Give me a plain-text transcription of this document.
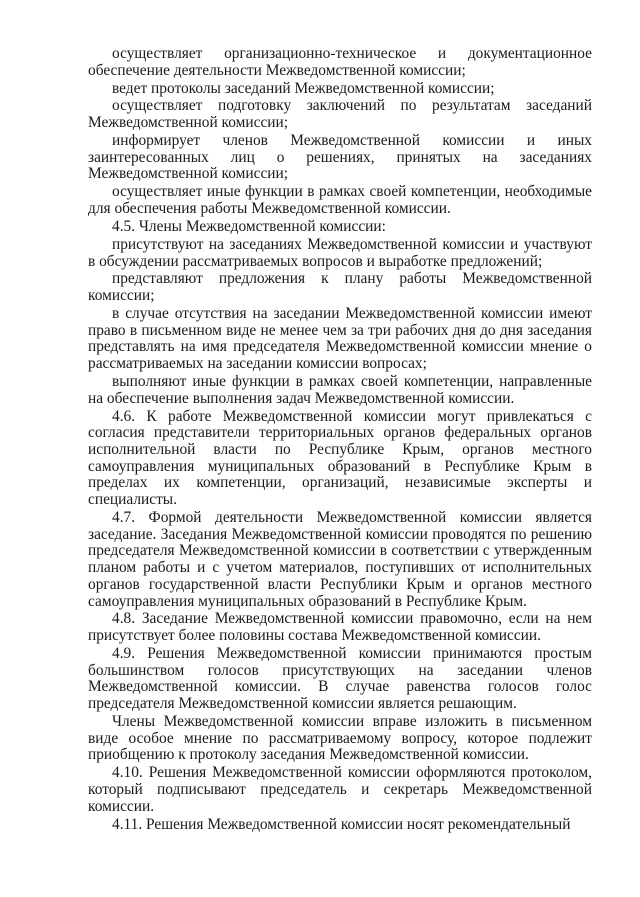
осуществляет организационно-техническое и документационное обеспечение деятельности Межведомственной комиссии;

ведет протоколы заседаний Межведомственной комиссии;

осуществляет подготовку заключений по результатам заседаний Межведомственной комиссии;

информирует членов Межведомственной комиссии и иных заинтересованных лиц о решениях, принятых на заседаниях Межведомственной комиссии;

осуществляет иные функции в рамках своей компетенции, необходимые для обеспечения работы Межведомственной комиссии.

4.5. Члены Межведомственной комиссии:

присутствуют на заседаниях Межведомственной комиссии и участвуют в обсуждении рассматриваемых вопросов и выработке предложений;

представляют предложения к плану работы Межведомственной комиссии;

в случае отсутствия на заседании Межведомственной комиссии имеют право в письменном виде не менее чем за три рабочих дня до дня заседания представлять на имя председателя Межведомственной комиссии мнение о рассматриваемых на заседании комиссии вопросах;

выполняют иные функции в рамках своей компетенции, направленные на обеспечение выполнения задач Межведомственной комиссии.

4.6. К работе Межведомственной комиссии могут привлекаться с согласия представители территориальных органов федеральных органов исполнительной власти по Республике Крым, органов местного самоуправления муниципальных образований в Республике Крым в пределах их компетенции, организаций, независимые эксперты и специалисты.

4.7. Формой деятельности Межведомственной комиссии является заседание. Заседания Межведомственной комиссии проводятся по решению председателя Межведомственной комиссии в соответствии с утвержденным планом работы и с учетом материалов, поступивших от исполнительных органов государственной власти Республики Крым и органов местного самоуправления муниципальных образований в Республике Крым.

4.8. Заседание Межведомственной комиссии правомочно, если на нем присутствует более половины состава Межведомственной комиссии.

4.9. Решения Межведомственной комиссии принимаются простым большинством голосов присутствующих на заседании членов Межведомственной комиссии. В случае равенства голосов голос председателя Межведомственной комиссии является решающим.

Члены Межведомственной комиссии вправе изложить в письменном виде особое мнение по рассматриваемому вопросу, которое подлежит приобщению к протоколу заседания Межведомственной комиссии.

4.10. Решения Межведомственной комиссии оформляются протоколом, который подписывают председатель и секретарь Межведомственной комиссии.

4.11. Решения Межведомственной комиссии носят рекомендательный
